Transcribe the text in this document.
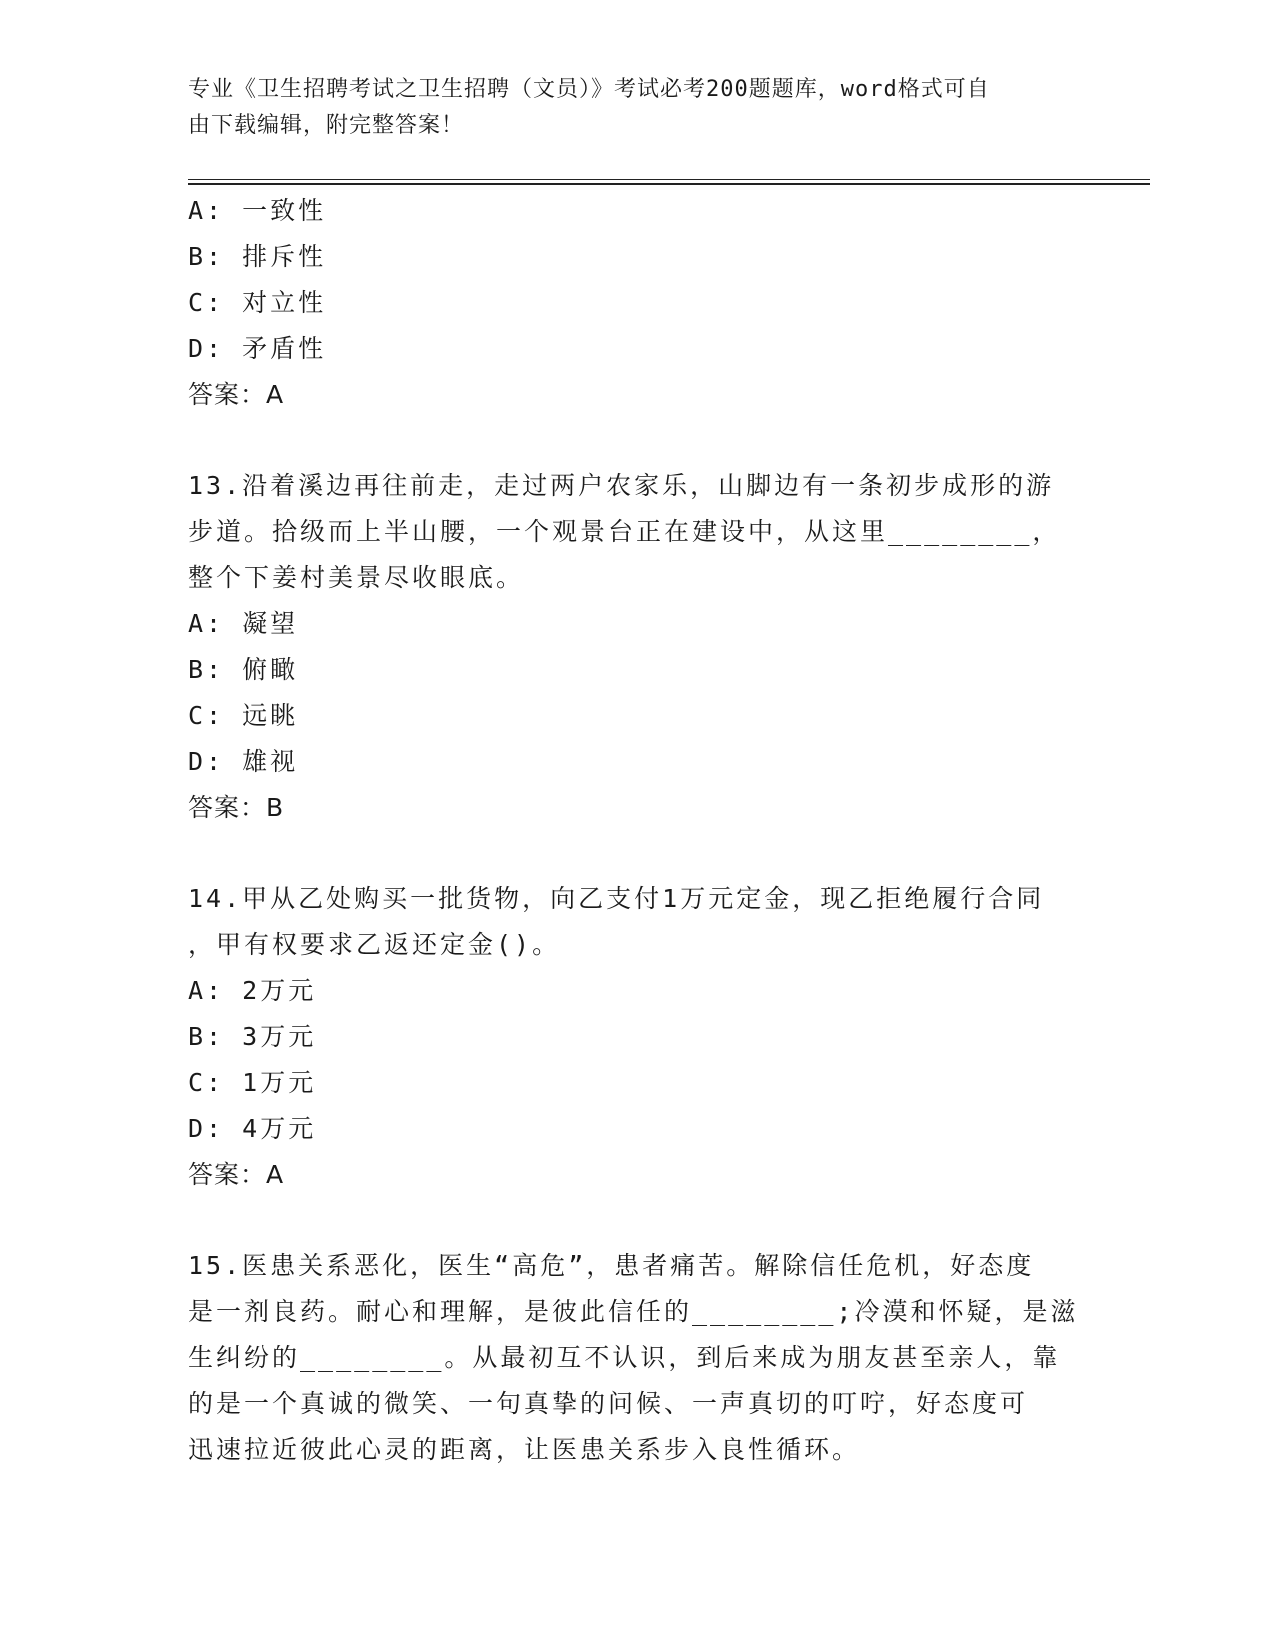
专业《卫生招聘考试之卫生招聘（文员）》考试必考200题题库，word格式可自
由下载编辑，附完整答案！
A: 一致性
B: 排斥性
C: 对立性
D: 矛盾性
答案：A
13.沿着溪边再往前走，走过两户农家乐，山脚边有一条初步成形的游
步道。拾级而上半山腰，一个观景台正在建设中，从这里________，
整个下姜村美景尽收眼底。
A: 凝望
B: 俯瞰
C: 远眺
D: 雄视
答案：B
14.甲从乙处购买一批货物，向乙支付1万元定金，现乙拒绝履行合同
，甲有权要求乙返还定金()。
A: 2万元
B: 3万元
C: 1万元
D: 4万元
答案：A
15.医患关系恶化，医生“高危”，患者痛苦。解除信任危机，好态度
是一剂良药。耐心和理解，是彼此信任的________;冷漠和怀疑，是滋
生纠纷的________。从最初互不认识，到后来成为朋友甚至亲人，靠
的是一个真诚的微笑、一句真挚的问候、一声真切的叮咛，好态度可
迅速拉近彼此心灵的距离，让医患关系步入良性循环。
